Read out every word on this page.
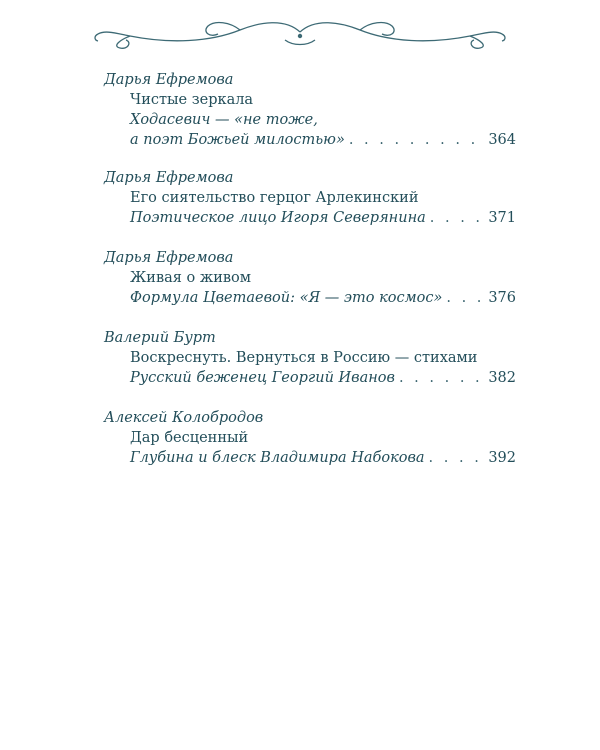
Дарья Ефремова
Чистые зеркала
Ходасевич — «не тоже,
а поэт Божьей милостью» . . .	364
Дарья Ефремова
Его сиятельство герцог Арлекинский
Поэтическое лицо Игоря Северянина . . .	371
Дарья Ефремова
Живая о живом
Формула Цветаевой: «Я — это космос» . . .	376
Валерий Бурт
Воскреснуть. Вернуться в Россию — стихами
Русский беженец Георгий Иванов . . .	382
Алексей Колобродов
Дар бесценный
Глубина и блеск Владимира Набокова . . .	392
